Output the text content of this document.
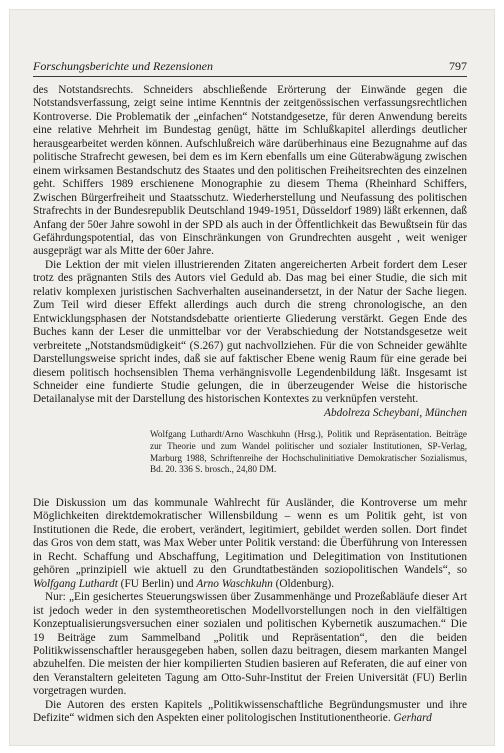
Forschungsberichte und Rezensionen	797

des Notstandsrechts. Schneiders abschließende Erörterung der Einwände gegen die Notstandsverfassung, zeigt seine intime Kenntnis der zeitgenössischen verfassungsrechtlichen Kontroverse. Die Problematik der „einfachen“ Notstandgesetze, für deren Anwendung bereits eine relative Mehrheit im Bundestag genügt, hätte im Schlußkapitel allerdings deutlicher herausgearbeitet werden können. Aufschlußreich wäre darüberhinaus eine Bezugnahme auf das politische Strafrecht gewesen, bei dem es im Kern ebenfalls um eine Güterabwägung zwischen einem wirksamen Bestandschutz des Staates und den politischen Freiheitsrechten des einzelnen geht. Schiffers 1989 erschienene Monographie zu diesem Thema (Rheinhard Schiffers, Zwischen Bürgerfreiheit und Staatsschutz. Wiederherstellung und Neufassung des politischen Strafrechts in der Bundesrepublik Deutschland 1949-1951, Düsseldorf 1989) läßt erkennen, daß Anfang der 50er Jahre sowohl in der SPD als auch in der Öffentlichkeit das Bewußtsein für das Gefährdungspotential, das von Einschränkungen von Grundrechten ausgeht , weit weniger ausgeprägt war als Mitte der 60er Jahre.

Die Lektion der mit vielen illustrierenden Zitaten angereicherten Arbeit fordert dem Leser trotz des prägnanten Stils des Autors viel Geduld ab. Das mag bei einer Studie, die sich mit relativ komplexen juristischen Sachverhalten auseinandersetzt, in der Natur der Sache liegen. Zum Teil wird dieser Effekt allerdings auch durch die streng chronologische, an den Entwicklungsphasen der Notstandsdebatte orientierte Gliederung verstärkt. Gegen Ende des Buches kann der Leser die unmittelbar vor der Verabschiedung der Notstandsgesetze weit verbreitete „Notstandsmüdigkeit“ (S.267) gut nachvollziehen. Für die von Schneider gewählte Darstellungsweise spricht indes, daß sie auf faktischer Ebene wenig Raum für eine gerade bei diesem politisch hochsensiblen Thema verhängnisvolle Legendenbildung läßt. Insgesamt ist Schneider eine fundierte Studie gelungen, die in überzeugender Weise die historische Detailanalyse mit der Darstellung des historischen Kontextes zu verknüpfen versteht.
Abdolreza Scheybani, München

Wolfgang Luthardt/Arno Waschkuhn (Hrsg.), Politik und Repräsentation. Beiträge zur Theorie und zum Wandel politischer und sozialer Institutionen, SP-Verlag, Marburg 1988, Schriftenreihe der Hochschulinitiative Demokratischer Sozialismus, Bd. 20. 336 S. brosch., 24,80 DM.

Die Diskussion um das kommunale Wahlrecht für Ausländer, die Kontroverse um mehr Möglichkeiten direktdemokratischer Willensbildung – wenn es um Politik geht, ist von Institutionen die Rede, die erobert, verändert, legitimiert, gebildet werden sollen. Dort findet das Gros von dem statt, was Max Weber unter Politik verstand: die Überführung von Interessen in Recht. Schaffung und Abschaffung, Legitimation und Delegitimation von Institutionen gehören „prinzipiell wie aktuell zu den Grundtatbeständen soziopolitischen Wandels“, so Wolfgang Luthardt (FU Berlin) und Arno Waschkuhn (Oldenburg).

Nur: „Ein gesichertes Steuerungswissen über Zusammenhänge und Prozeßabläufe dieser Art ist jedoch weder in den systemtheoretischen Modellvorstellungen noch in den vielfältigen Konzeptualisierungsversuchen einer sozialen und politischen Kybernetik auszumachen.“ Die 19 Beiträge zum Sammelband „Politik und Repräsentation“, den die beiden Politikwissenschaftler herausgegeben haben, sollen dazu beitragen, diesem markanten Mangel abzuhelfen. Die meisten der hier kompilierten Studien basieren auf Referaten, die auf einer von den Veranstaltern geleiteten Tagung am Otto-Suhr-Institut der Freien Universität (FU) Berlin vorgetragen wurden.

Die Autoren des ersten Kapitels „Politikwissenschaftliche Begründungsmuster und ihre Defizite“ widmen sich den Aspekten einer politologischen Institutionentheorie. Gerhard
